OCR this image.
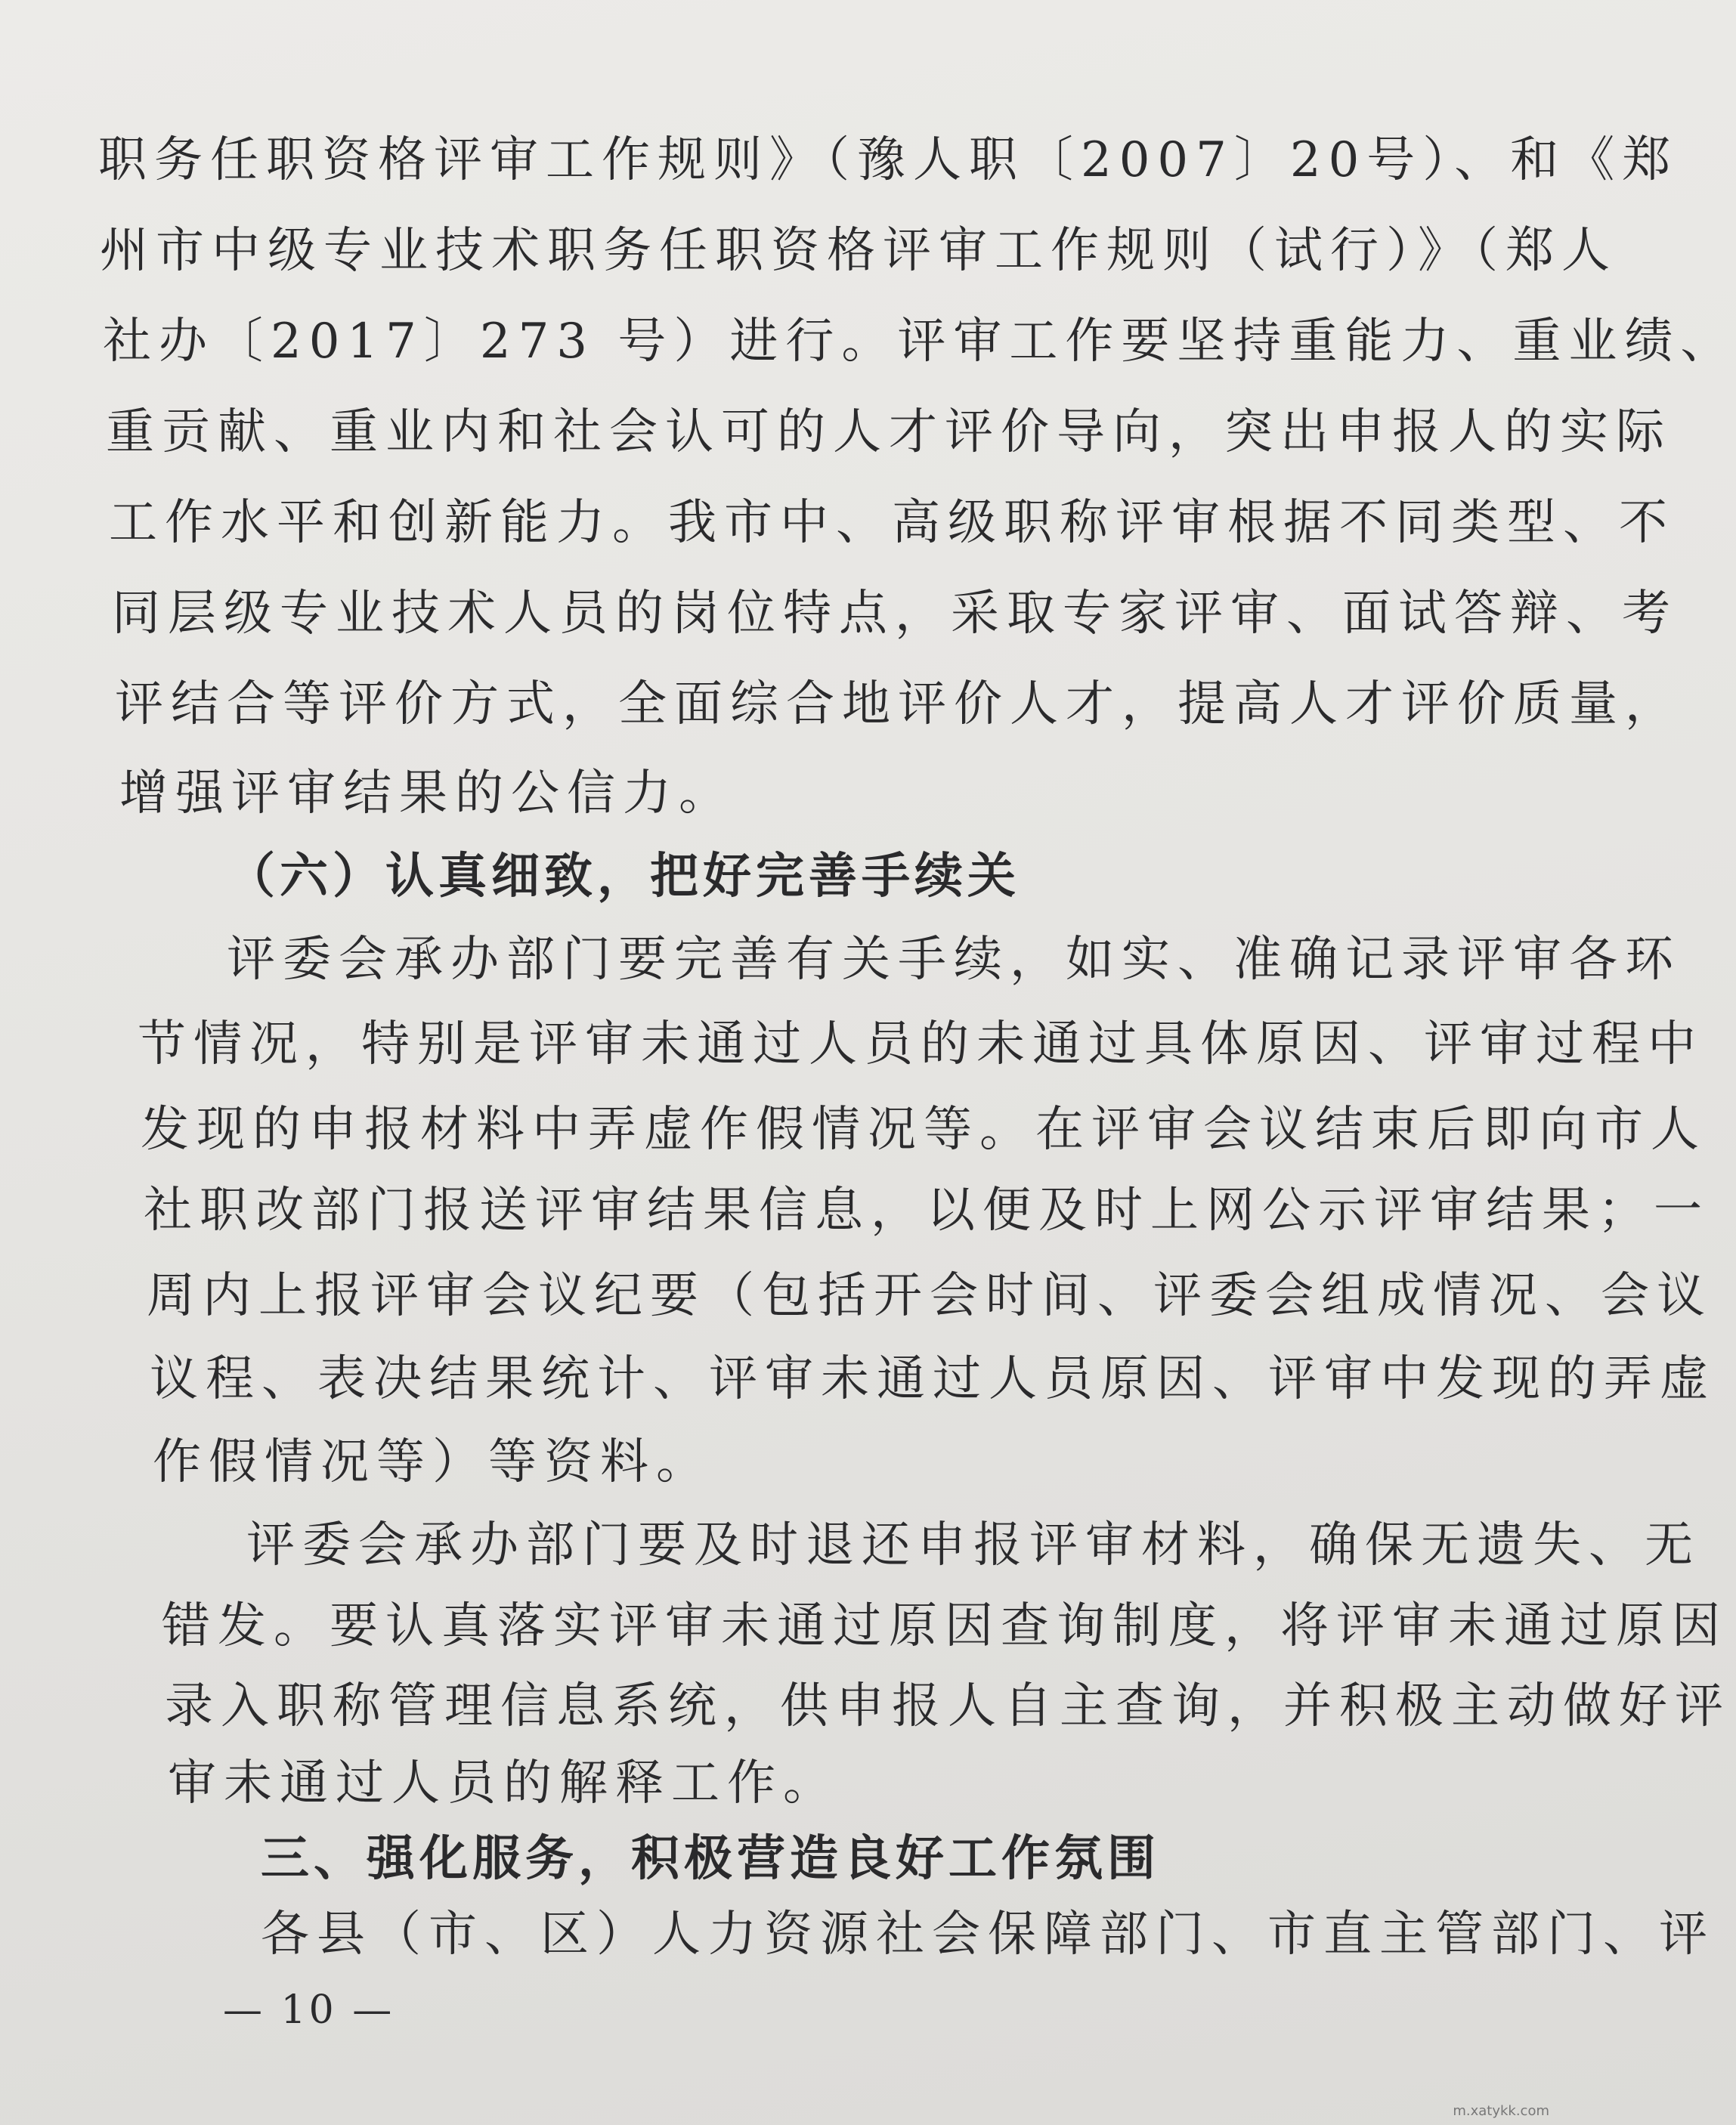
职务任职资格评审工作规则》（豫人职〔2007〕20号）、和《郑
州市中级专业技术职务任职资格评审工作规则（试行）》（郑人
社办〔2017〕273 号）进行。评审工作要坚持重能力、重业绩、
重贡献、重业内和社会认可的人才评价导向，突出申报人的实际
工作水平和创新能力。我市中、高级职称评审根据不同类型、不
同层级专业技术人员的岗位特点，采取专家评审、面试答辩、考
评结合等评价方式，全面综合地评价人才，提高人才评价质量，
增强评审结果的公信力。
（六）认真细致，把好完善手续关
评委会承办部门要完善有关手续，如实、准确记录评审各环
节情况，特别是评审未通过人员的未通过具体原因、评审过程中
发现的申报材料中弄虚作假情况等。在评审会议结束后即向市人
社职改部门报送评审结果信息，以便及时上网公示评审结果；一
周内上报评审会议纪要（包括开会时间、评委会组成情况、会议
议程、表决结果统计、评审未通过人员原因、评审中发现的弄虚
作假情况等）等资料。
评委会承办部门要及时退还申报评审材料，确保无遗失、无
错发。要认真落实评审未通过原因查询制度，将评审未通过原因
录入职称管理信息系统，供申报人自主查询，并积极主动做好评
审未通过人员的解释工作。
三、强化服务，积极营造良好工作氛围
各县（市、区）人力资源社会保障部门、市直主管部门、评
— 10 —
m.xatykk.com
